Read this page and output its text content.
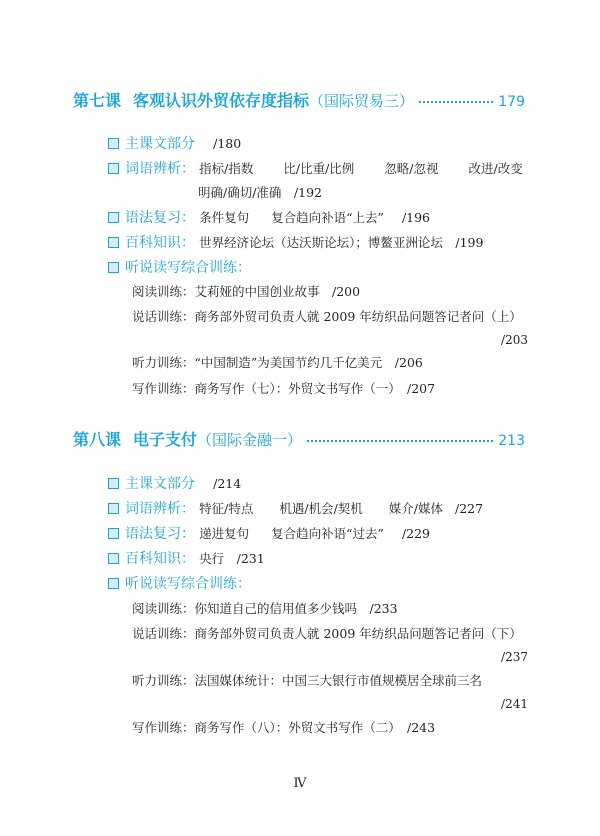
第七课 客观认识外贸依存度指标 （国际贸易三）	179
主课文部分 /180
词语辨析： 指标/指数 比/比重/比例 忽略/忽视 改进/改变
明确/确切/准确　/192
语法复习： 条件复句 复合趋向补语“上去” /196
百科知识： 世界经济论坛（达沃斯论坛）；博鳌亚洲论坛　/199
听说读写综合训练：
阅读训练：艾莉娅的中国创业故事　/200
说话训练：商务部外贸司负责人就 2009 年纺织品问题答记者问（上）
/203
听力训练：“中国制造”为美国节约几千亿美元　/206
写作训练：商务写作（七）：外贸文书写作（一）　/207
第八课 电子支付 （国际金融一）	213
主课文部分 /214
词语辨析： 特征/特点 机遇/机会/契机 媒介/媒体 /227
语法复习： 递进复句 复合趋向补语“过去” /229
百科知识： 央行　/231
听说读写综合训练：
阅读训练：你知道自己的信用值多少钱吗　/233
说话训练：商务部外贸司负责人就 2009 年纺织品问题答记者问（下）
/237
听力训练：法国媒体统计：中国三大银行市值规模居全球前三名
/241
写作训练：商务写作（八）：外贸文书写作（二）　/243
Ⅳ
